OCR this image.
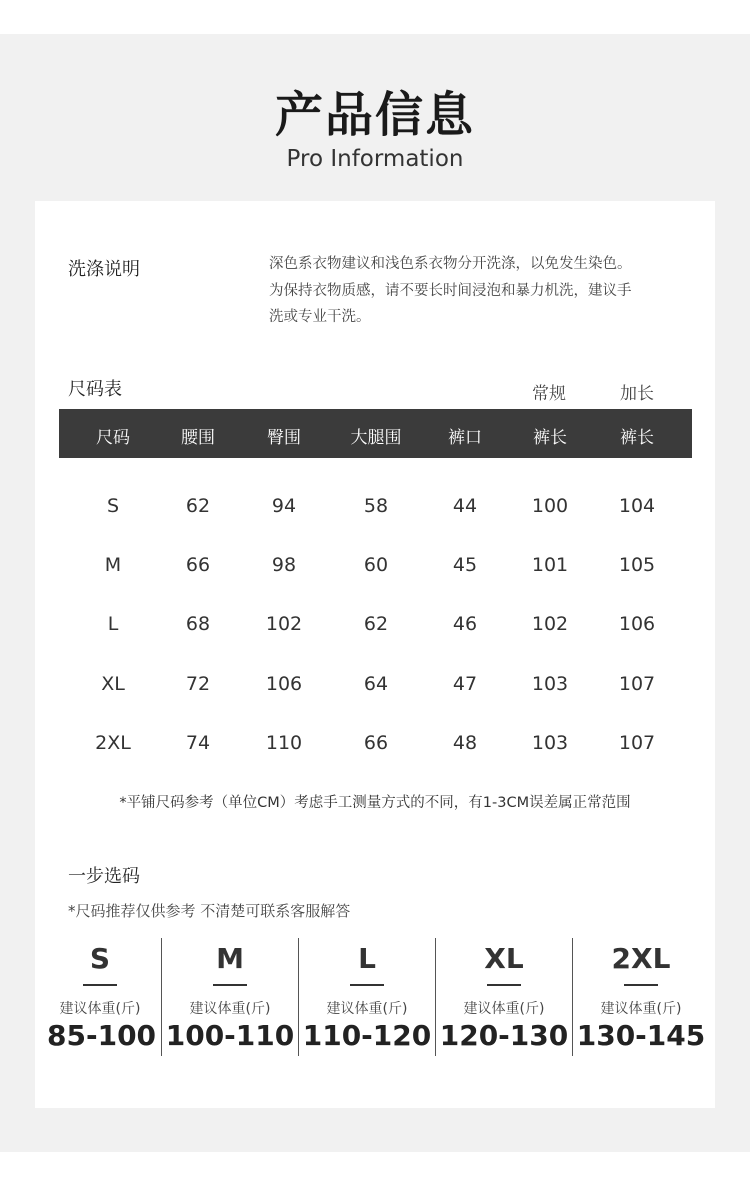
产品信息
Pro Information
洗涤说明	深色系衣物建议和浅色系衣物分开洗涤，以免发生染色。
为保持衣物质感，请不要长时间浸泡和暴力机洗，建议手
洗或专业干洗。
尺码表	常规	加长
尺码	腰围	臀围	大腿围	裤口	裤长	裤长
S	62	94	58	44	100	104
M	66	98	60	45	101	105
L	68	102	62	46	102	106
XL	72	106	64	47	103	107
2XL	74	110	66	48	103	107
*平铺尺码参考（单位CM）考虑手工测量方式的不同，有1-3CM误差属正常范围
一步选码
*尺码推荐仅供参考 不清楚可联系客服解答
S
建议体重(斤)
85-100
M
建议体重(斤)
100-110
L
建议体重(斤)
110-120
XL
建议体重(斤)
120-130
2XL
建议体重(斤)
130-145
